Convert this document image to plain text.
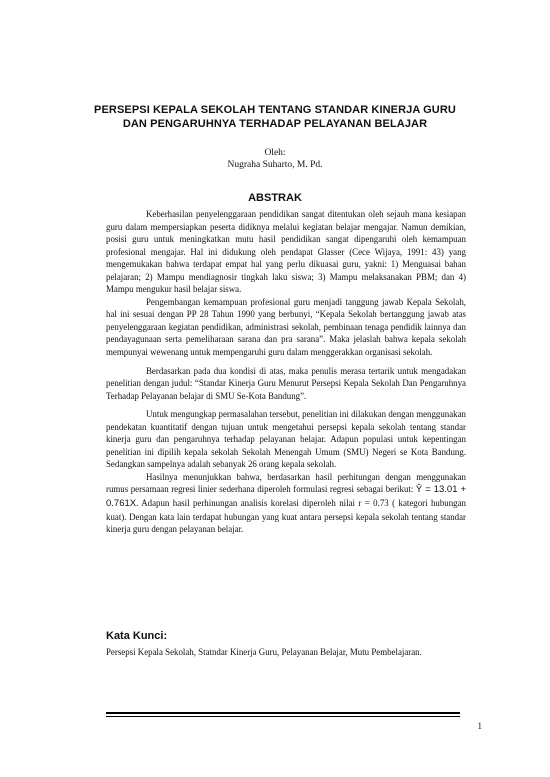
PERSEPSI KEPALA SEKOLAH TENTANG STANDAR KINERJA GURU
DAN PENGARUHNYA TERHADAP PELAYANAN BELAJAR
Oleh:
Nugraha Suharto, M. Pd.
ABSTRAK

Keberhasilan penyelenggaraan pendidikan sangat ditentukan oleh sejauh mana kesiapan guru dalam mempersiapkan peserta didiknya melalui kegiatan belajar mengajar. Namun demikian, posisi guru untuk meningkatkan mutu hasil pendidikan sangat dipengaruhi oleh kemampuan profesional mengajar. Hal ini didukung oleh pendapat Glasser (Cece Wijaya, 1991: 43) yang mengemukakan bahwa terdapat empat hal yang perlu dikuasai guru, yakni: 1) Menguasai bahan pelajaran; 2) Mampu mendiagnosir tingkah laku siswa; 3) Mampu melaksanakan PBM; dan 4) Mampu mengukur hasil belajar siswa.

Pengembangan kemampuan profesional guru menjadi tanggung jawab Kepala Sekolah, hal ini sesuai dengan PP 28 Tahun 1990 yang berbunyi, “Kepala Sekolah bertanggung jawab atas penyelenggaraan kegiatan pendidikan, administrasi sekolah, pembinaan tenaga pendidik lainnya dan pendayagunaan serta pemeliharaan sarana dan pra sarana”. Maka jelaslah bahwa kepala sekolah mempunyai wewenang untuk mempengaruhi guru dalam menggerakkan organisasi sekolah.

Berdasarkan pada dua kondisi di atas, maka penulis merasa tertarik untuk mengadakan penelitian dengan judul: “Standar Kinerja Guru Menurut Persepsi Kepala Sekolah Dan Pengaruhnya Terhadap Pelayanan belajar di SMU Se-Kota Bandung”.

Untuk mengungkap permasalahan tersebut, penelitian ini dilakukan dengan menggunakan pendekatan kuantitatif dengan tujuan untuk mengetahui persepsi kepala sekolah tentang standar kinerja guru dan pengaruhnya terhadap pelayanan belajar. Adapun populasi untuk kepentingan penelitian ini dipilih kepala sekolah Sekolah Menengah Umum (SMU) Negeri se Kota Bandung. Sedangkan sampelnya adalah sebanyak 26 orang kepala sekolah.

Hasilnya menunjukkan bahwa, berdasarkan hasil perhitungan dengan menggunakan rumus persamaan regresi linier sederhana diperoleh formulasi regresi sebagai berikut: Ŷ = 13.01 + 0.761X. Adapun hasil perhinungan analisis korelasi diperoleh nilai r = 0.73 ( kategori hubungan kuat). Dengan kata lain terdapat hubungan yang kuat antara persepsi kepala sekolah tentang standar kinerja guru dengan pelayanan belajar.

Kata Kunci:
Persepsi Kepala Sekolah, Statndar Kinerja Guru, Pelayanan Belajar, Mutu Pembelajaran.
1
